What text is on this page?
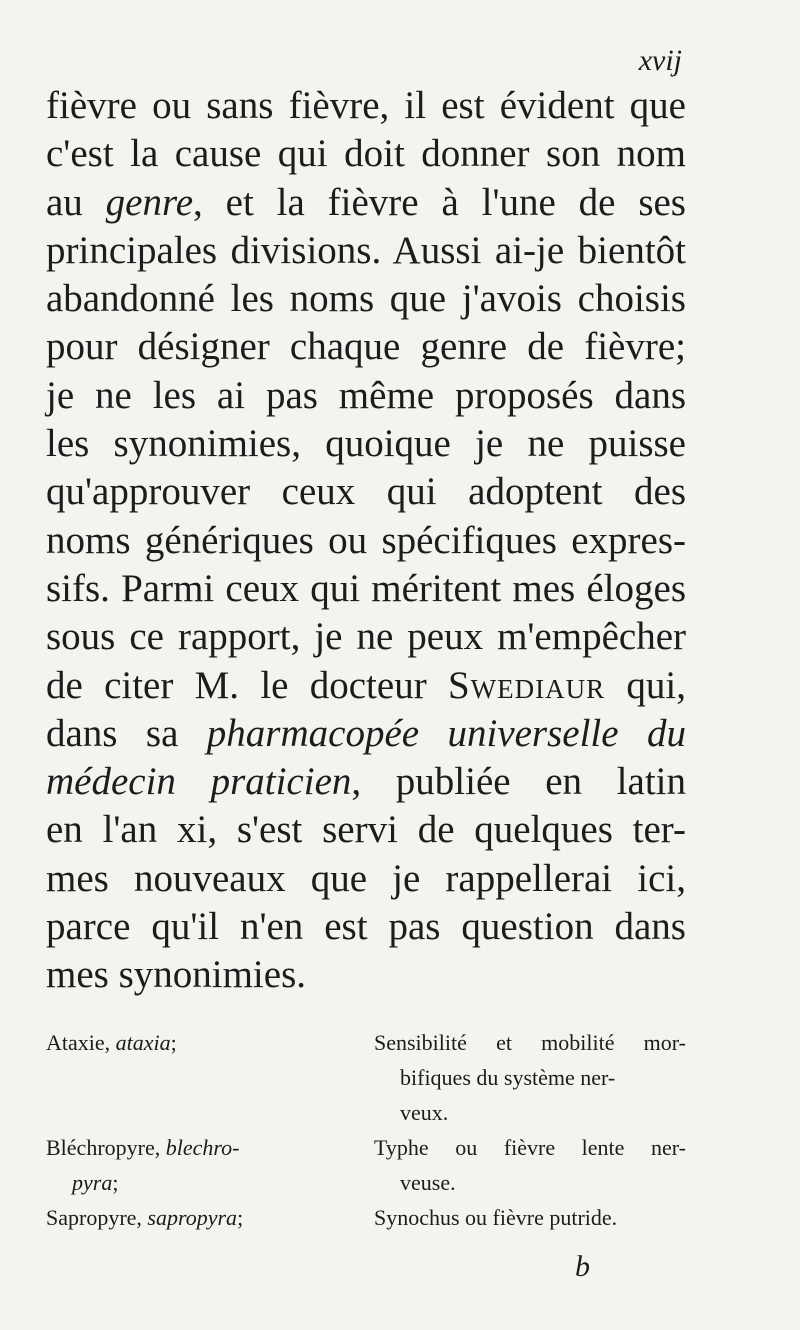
xvij
fièvre ou sans fièvre, il est évident que
c'est la cause qui doit donner son nom
au genre, et la fièvre à l'une de ses
principales divisions. Aussi ai-je bientôt
abandonné les noms que j'avois choisis
pour désigner chaque genre de fièvre;
je ne les ai pas même proposés dans
les synonimies, quoique je ne puisse
qu'approuver ceux qui adoptent des
noms génériques ou spécifiques expres-
sifs. Parmi ceux qui méritent mes éloges
sous ce rapport, je ne peux m'empêcher
de citer M. le docteur Swediaur qui,
dans sa pharmacopée universelle du
médecin praticien, publiée en latin
en l'an xi, s'est servi de quelques ter-
mes nouveaux que je rappellerai ici,
parce qu'il n'en est pas question dans
mes synonimies.
Ataxie, ataxia;
Bléchropyre, blechro-
pyra;
Sapropyre, sapropyra;
Sensibilité et mobilité mor-
bifiques du système ner-
veux.
Typhe ou fièvre lente ner-
veuse.
Synochus ou fièvre putride.
b
